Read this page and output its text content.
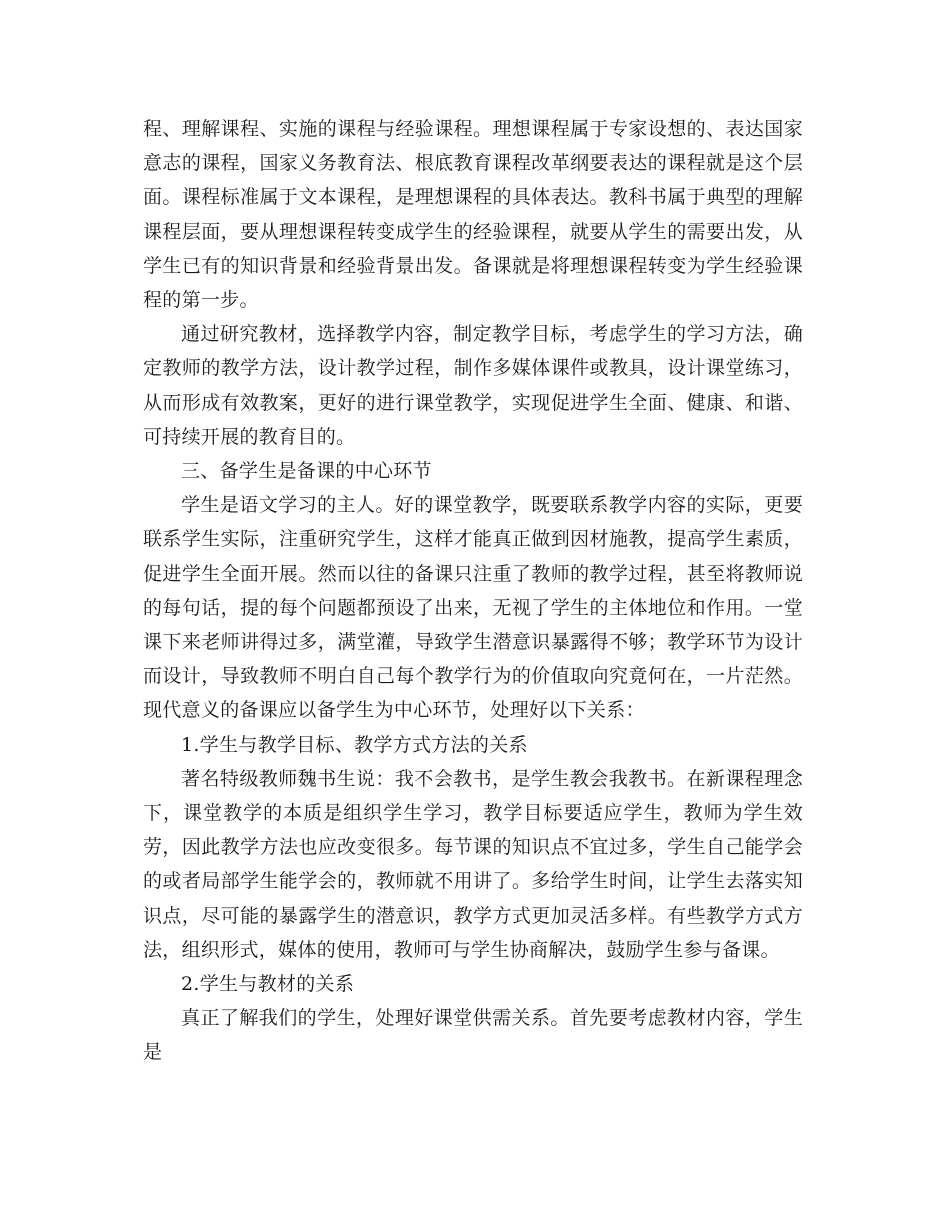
程、理解课程、实施的课程与经验课程。理想课程属于专家设想的、表达国家意志的课程，国家义务教育法、根底教育课程改革纲要表达的课程就是这个层面。课程标准属于文本课程，是理想课程的具体表达。教科书属于典型的理解课程层面，要从理想课程转变成学生的经验课程，就要从学生的需要出发，从学生已有的知识背景和经验背景出发。备课就是将理想课程转变为学生经验课程的第一步。

通过研究教材，选择教学内容，制定教学目标，考虑学生的学习方法，确定教师的教学方法，设计教学过程，制作多媒体课件或教具，设计课堂练习，从而形成有效教案，更好的进行课堂教学，实现促进学生全面、健康、和谐、可持续开展的教育目的。

三、备学生是备课的中心环节

学生是语文学习的主人。好的课堂教学，既要联系教学内容的实际，更要联系学生实际，注重研究学生，这样才能真正做到因材施教，提高学生素质，促进学生全面开展。然而以往的备课只注重了教师的教学过程，甚至将教师说的每句话，提的每个问题都预设了出来，无视了学生的主体地位和作用。一堂课下来老师讲得过多，满堂灌，导致学生潜意识暴露得不够；教学环节为设计而设计，导致教师不明白自己每个教学行为的价值取向究竟何在，一片茫然。现代意义的备课应以备学生为中心环节，处理好以下关系：

1.学生与教学目标、教学方式方法的关系

著名特级教师魏书生说：我不会教书，是学生教会我教书。在新课程理念下，课堂教学的本质是组织学生学习，教学目标要适应学生，教师为学生效劳，因此教学方法也应改变很多。每节课的知识点不宜过多，学生自己能学会的或者局部学生能学会的，教师就不用讲了。多给学生时间，让学生去落实知识点，尽可能的暴露学生的潜意识，教学方式更加灵活多样。有些教学方式方法，组织形式，媒体的使用，教师可与学生协商解决，鼓励学生参与备课。

2.学生与教材的关系

真正了解我们的学生，处理好课堂供需关系。首先要考虑教材内容，学生是
